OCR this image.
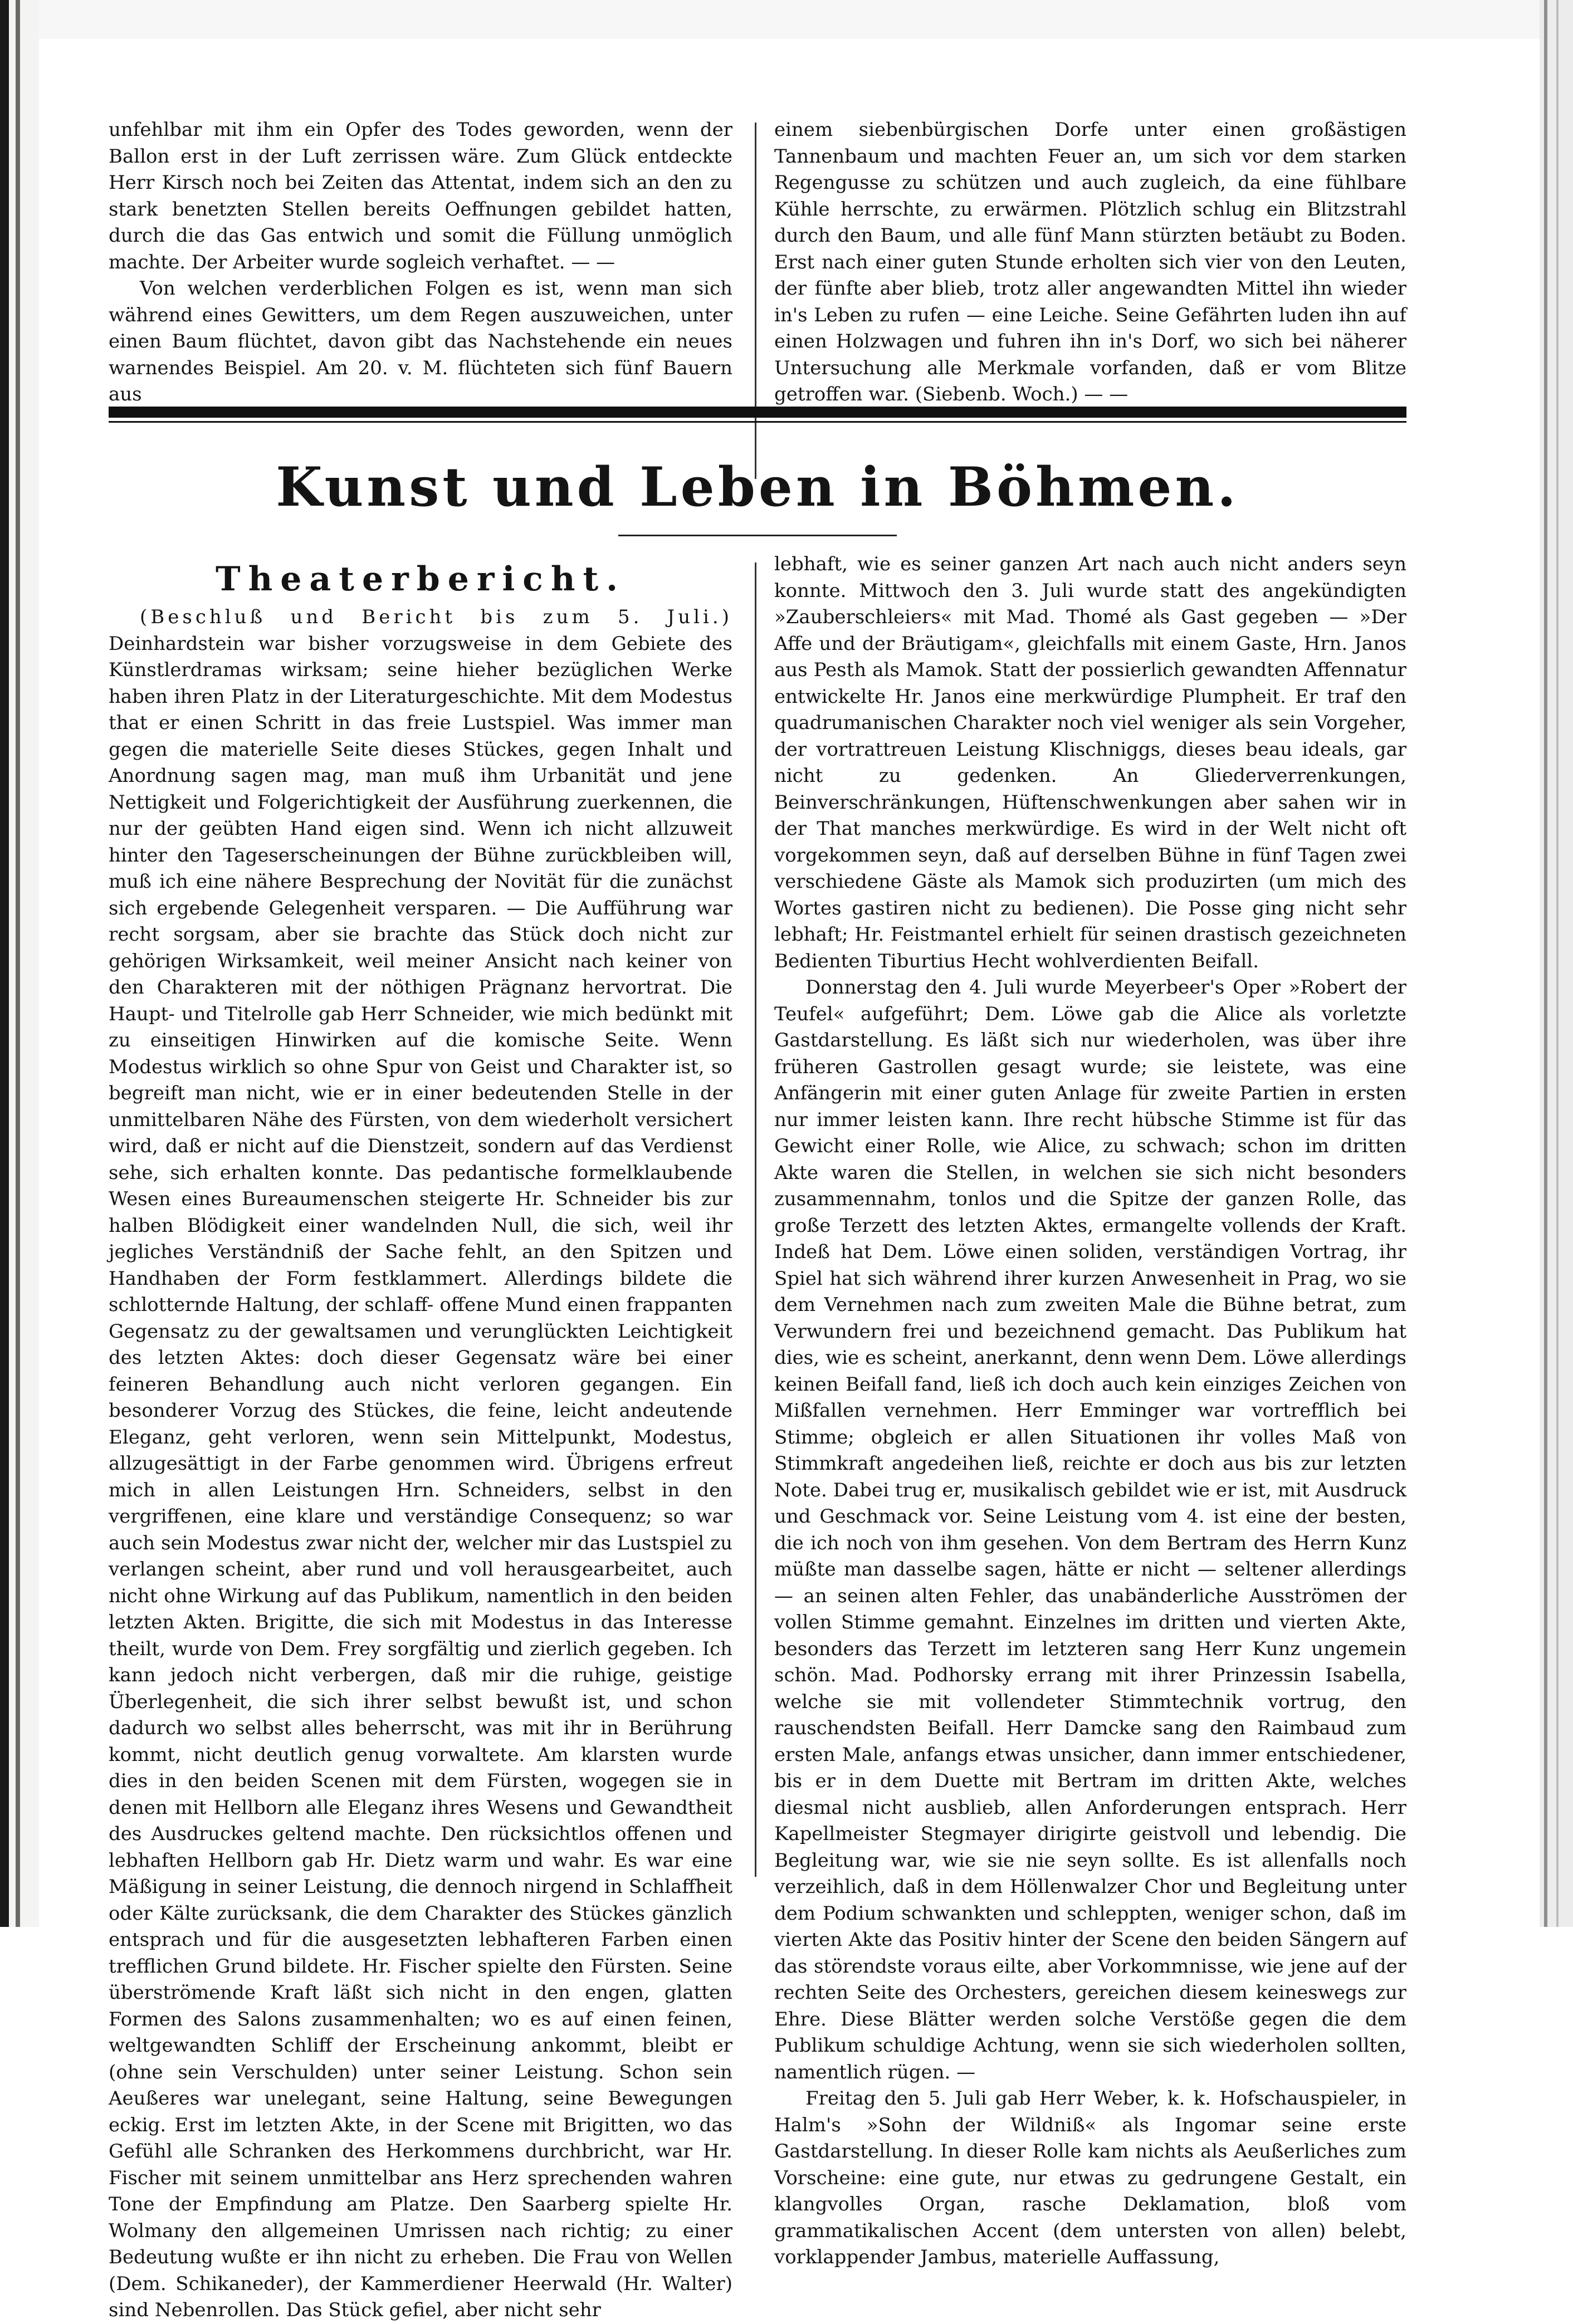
unfehlbar mit ihm ein Opfer des Todes geworden, wenn der Ballon erst in der Luft zerrissen wäre. Zum Glück entdeckte Herr Kirsch noch bei Zeiten das Attentat, indem sich an den zu stark benetzten Stellen bereits Oeffnungen gebildet hatten, durch die das Gas entwich und somit die Füllung unmöglich machte. Der Arbeiter wurde sogleich verhaftet. — —

Von welchen verderblichen Folgen es ist, wenn man sich während eines Gewitters, um dem Regen auszuweichen, unter einen Baum flüchtet, davon gibt das Nachstehende ein neues warnendes Beispiel. Am 20. v. M. flüchteten sich fünf Bauern aus

einem siebenbürgischen Dorfe unter einen großästigen Tannenbaum und machten Feuer an, um sich vor dem starken Regengusse zu schützen und auch zugleich, da eine fühlbare Kühle herrschte, zu erwärmen. Plötzlich schlug ein Blitzstrahl durch den Baum, und alle fünf Mann stürzten betäubt zu Boden. Erst nach einer guten Stunde erholten sich vier von den Leuten, der fünfte aber blieb, trotz aller angewandten Mittel ihn wieder in's Leben zu rufen — eine Leiche. Seine Gefährten luden ihn auf einen Holzwagen und fuhren ihn in's Dorf, wo sich bei näherer Untersuchung alle Merkmale vorfanden, daß er vom Blitze getroffen war. (Siebenb. Woch.) — —

Kunst und Leben in Böhmen.
Theaterbericht.

(Beschluß und Bericht bis zum 5. Juli.) Deinhardstein war bisher vorzugsweise in dem Gebiete des Künstlerdramas wirksam; seine hieher bezüglichen Werke haben ihren Platz in der Literaturgeschichte. Mit dem Modestus that er einen Schritt in das freie Lustspiel. Was immer man gegen die materielle Seite dieses Stückes, gegen Inhalt und Anordnung sagen mag, man muß ihm Urbanität und jene Nettigkeit und Folgerichtigkeit der Ausführung zuerkennen, die nur der geübten Hand eigen sind. Wenn ich nicht allzuweit hinter den Tageserscheinungen der Bühne zurückbleiben will, muß ich eine nähere Besprechung der Novität für die zunächst sich ergebende Gelegenheit versparen. — Die Aufführung war recht sorgsam, aber sie brachte das Stück doch nicht zur gehörigen Wirksamkeit, weil meiner Ansicht nach keiner von den Charakteren mit der nöthigen Prägnanz hervortrat. Die Haupt- und Titelrolle gab Herr Schneider, wie mich bedünkt mit zu einseitigen Hinwirken auf die komische Seite. Wenn Modestus wirklich so ohne Spur von Geist und Charakter ist, so begreift man nicht, wie er in einer bedeutenden Stelle in der unmittelbaren Nähe des Fürsten, von dem wiederholt versichert wird, daß er nicht auf die Dienstzeit, sondern auf das Verdienst sehe, sich erhalten konnte. Das pedantische formelklaubende Wesen eines Bureaumenschen steigerte Hr. Schneider bis zur halben Blödigkeit einer wandelnden Null, die sich, weil ihr jegliches Verständniß der Sache fehlt, an den Spitzen und Handhaben der Form festklammert. Allerdings bildete die schlotternde Haltung, der schlaff- offene Mund einen frappanten Gegensatz zu der gewaltsamen und verunglückten Leichtigkeit des letzten Aktes: doch dieser Gegensatz wäre bei einer feineren Behandlung auch nicht verloren gegangen. Ein besonderer Vorzug des Stückes, die feine, leicht andeutende Eleganz, geht verloren, wenn sein Mittelpunkt, Modestus, allzugesättigt in der Farbe genommen wird. Übrigens erfreut mich in allen Leistungen Hrn. Schneiders, selbst in den vergriffenen, eine klare und verständige Consequenz; so war auch sein Modestus zwar nicht der, welcher mir das Lustspiel zu verlangen scheint, aber rund und voll herausgearbeitet, auch nicht ohne Wirkung auf das Publikum, namentlich in den beiden letzten Akten. Brigitte, die sich mit Modestus in das Interesse theilt, wurde von Dem. Frey sorgfältig und zierlich gegeben. Ich kann jedoch nicht verbergen, daß mir die ruhige, geistige Überlegenheit, die sich ihrer selbst bewußt ist, und schon dadurch wo selbst alles beherrscht, was mit ihr in Berührung kommt, nicht deutlich genug vorwaltete. Am klarsten wurde dies in den beiden Scenen mit dem Fürsten, wogegen sie in denen mit Hellborn alle Eleganz ihres Wesens und Gewandtheit des Ausdruckes geltend machte. Den rücksichtlos offenen und lebhaften Hellborn gab Hr. Dietz warm und wahr. Es war eine Mäßigung in seiner Leistung, die dennoch nirgend in Schlaffheit oder Kälte zurücksank, die dem Charakter des Stückes gänzlich entsprach und für die ausgesetzten lebhafteren Farben einen trefflichen Grund bildete. Hr. Fischer spielte den Fürsten. Seine überströmende Kraft läßt sich nicht in den engen, glatten Formen des Salons zusammenhalten; wo es auf einen feinen, weltgewandten Schliff der Erscheinung ankommt, bleibt er (ohne sein Verschulden) unter seiner Leistung. Schon sein Aeußeres war unelegant, seine Haltung, seine Bewegungen eckig. Erst im letzten Akte, in der Scene mit Brigitten, wo das Gefühl alle Schranken des Herkommens durchbricht, war Hr. Fischer mit seinem unmittelbar ans Herz sprechenden wahren Tone der Empfindung am Platze. Den Saarberg spielte Hr. Wolmany den allgemeinen Umrissen nach richtig; zu einer Bedeutung wußte er ihn nicht zu erheben. Die Frau von Wellen (Dem. Schikaneder), der Kammerdiener Heerwald (Hr. Walter) sind Nebenrollen. Das Stück gefiel, aber nicht sehr

lebhaft, wie es seiner ganzen Art nach auch nicht anders seyn konnte. Mittwoch den 3. Juli wurde statt des angekündigten »Zauberschleiers« mit Mad. Thomé als Gast gegeben — »Der Affe und der Bräutigam«, gleichfalls mit einem Gaste, Hrn. Janos aus Pesth als Mamok. Statt der possierlich gewandten Affennatur entwickelte Hr. Janos eine merkwürdige Plumpheit. Er traf den quadrumanischen Charakter noch viel weniger als sein Vorgeher, der vortrattreuen Leistung Klischniggs, dieses beau ideals, gar nicht zu gedenken. An Gliederverrenkungen, Beinverschränkungen, Hüftenschwenkungen aber sahen wir in der That manches merkwürdige. Es wird in der Welt nicht oft vorgekommen seyn, daß auf derselben Bühne in fünf Tagen zwei verschiedene Gäste als Mamok sich produzirten (um mich des Wortes gastiren nicht zu bedienen). Die Posse ging nicht sehr lebhaft; Hr. Feistmantel erhielt für seinen drastisch gezeichneten Bedienten Tiburtius Hecht wohlverdienten Beifall.

Donnerstag den 4. Juli wurde Meyerbeer's Oper »Robert der Teufel« aufgeführt; Dem. Löwe gab die Alice als vorletzte Gastdarstellung. Es läßt sich nur wiederholen, was über ihre früheren Gastrollen gesagt wurde; sie leistete, was eine Anfängerin mit einer guten Anlage für zweite Partien in ersten nur immer leisten kann. Ihre recht hübsche Stimme ist für das Gewicht einer Rolle, wie Alice, zu schwach; schon im dritten Akte waren die Stellen, in welchen sie sich nicht besonders zusammennahm, tonlos und die Spitze der ganzen Rolle, das große Terzett des letzten Aktes, ermangelte vollends der Kraft. Indeß hat Dem. Löwe einen soliden, verständigen Vortrag, ihr Spiel hat sich während ihrer kurzen Anwesenheit in Prag, wo sie dem Vernehmen nach zum zweiten Male die Bühne betrat, zum Verwundern frei und bezeichnend gemacht. Das Publikum hat dies, wie es scheint, anerkannt, denn wenn Dem. Löwe allerdings keinen Beifall fand, ließ ich doch auch kein einziges Zeichen von Mißfallen vernehmen. Herr Emminger war vortrefflich bei Stimme; obgleich er allen Situationen ihr volles Maß von Stimmkraft angedeihen ließ, reichte er doch aus bis zur letzten Note. Dabei trug er, musikalisch gebildet wie er ist, mit Ausdruck und Geschmack vor. Seine Leistung vom 4. ist eine der besten, die ich noch von ihm gesehen. Von dem Bertram des Herrn Kunz müßte man dasselbe sagen, hätte er nicht — seltener allerdings — an seinen alten Fehler, das unabänderliche Ausströmen der vollen Stimme gemahnt. Einzelnes im dritten und vierten Akte, besonders das Terzett im letzteren sang Herr Kunz ungemein schön. Mad. Podhorsky errang mit ihrer Prinzessin Isabella, welche sie mit vollendeter Stimmtechnik vortrug, den rauschendsten Beifall. Herr Damcke sang den Raimbaud zum ersten Male, anfangs etwas unsicher, dann immer entschiedener, bis er in dem Duette mit Bertram im dritten Akte, welches diesmal nicht ausblieb, allen Anforderungen entsprach. Herr Kapellmeister Stegmayer dirigirte geistvoll und lebendig. Die Begleitung war, wie sie nie seyn sollte. Es ist allenfalls noch verzeihlich, daß in dem Höllenwalzer Chor und Begleitung unter dem Podium schwankten und schleppten, weniger schon, daß im vierten Akte das Positiv hinter der Scene den beiden Sängern auf das störendste voraus eilte, aber Vorkommnisse, wie jene auf der rechten Seite des Orchesters, gereichen diesem keineswegs zur Ehre. Diese Blätter werden solche Verstöße gegen die dem Publikum schuldige Achtung, wenn sie sich wiederholen sollten, namentlich rügen. —

Freitag den 5. Juli gab Herr Weber, k. k. Hofschauspieler, in Halm's »Sohn der Wildniß« als Ingomar seine erste Gastdarstellung. In dieser Rolle kam nichts als Aeußerliches zum Vorscheine: eine gute, nur etwas zu gedrungene Gestalt, ein klangvolles Organ, rasche Deklamation, bloß vom grammatikalischen Accent (dem untersten von allen) belebt, vorklappender Jambus, materielle Auffassung,
